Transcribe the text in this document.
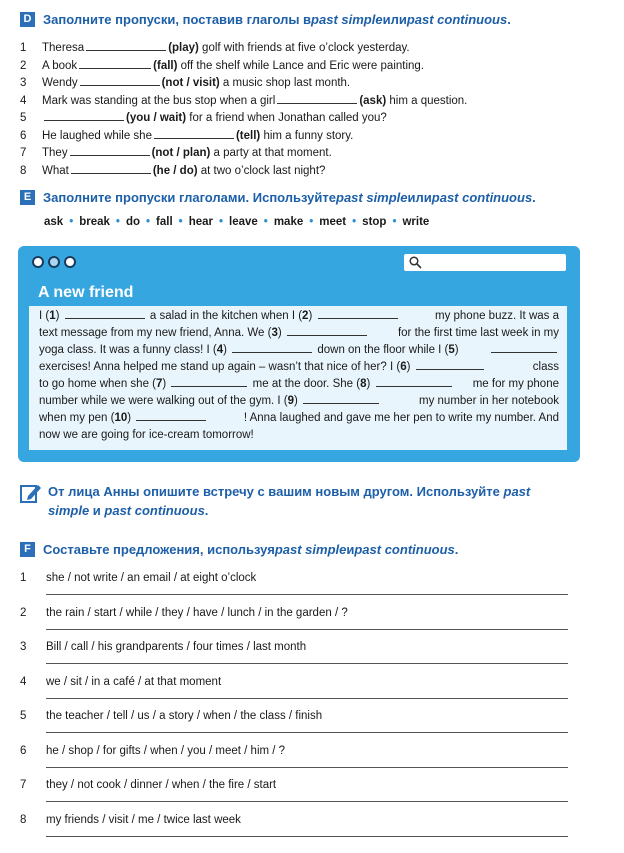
D Заполните пропуски, поставив глаголы в past simple или past continuous .
1 Theresa	(play) golf with friends at five o’clock yesterday.
2 A book	(fall) off the shelf while Lance and Eric were painting.
3 Wendy	(not / visit) a music shop last month.
4 Mark was standing at the bus stop when a girl	(ask) him a question.
5	(you / wait) for a friend when Jonathan called you?
6 He laughed while she	(tell) him a funny story.
7 They	(not / plan) a party at that moment.
8 What	(he / do) at two o’clock last night?
E Заполните пропуски глаголами. Используйте past simple или past continuous .
ask • break • do • fall • hear • leave • make • meet • stop • write
A new friend
I (1)	a salad in the kitchen when I (2)	my phone buzz. It was a
text message from my new friend, Anna. We (3)	for the first time last week in my
yoga class. It was a funny class! I (4)	down on the floor while I (5)
exercises! Anna helped me stand up again – wasn’t that nice of her? I (6)	class
to go home when she (7)	me at the door. She (8)	me for my phone
number while we were walking out of the gym. I (9)	my number in her notebook
when my pen (10)	! Anna laughed and gave me her pen to write my number. And
now we are going for ice-cream tomorrow!
От лица Анны опишите встречу с вашим новым другом. Используйте past simple и past continuous.
F Составьте предложения, используя past simple и past continuous .
1 she / not write / an email / at eight o’clock
2 the rain / start / while / they / have / lunch / in the garden / ?
3 Bill / call / his grandparents / four times / last month
4 we / sit / in a café / at that moment
5 the teacher / tell / us / a story / when / the class / finish
6 he / shop / for gifts / when / you / meet / him / ?
7 they / not cook / dinner / when / the fire / start
8 my friends / visit / me / twice last week
